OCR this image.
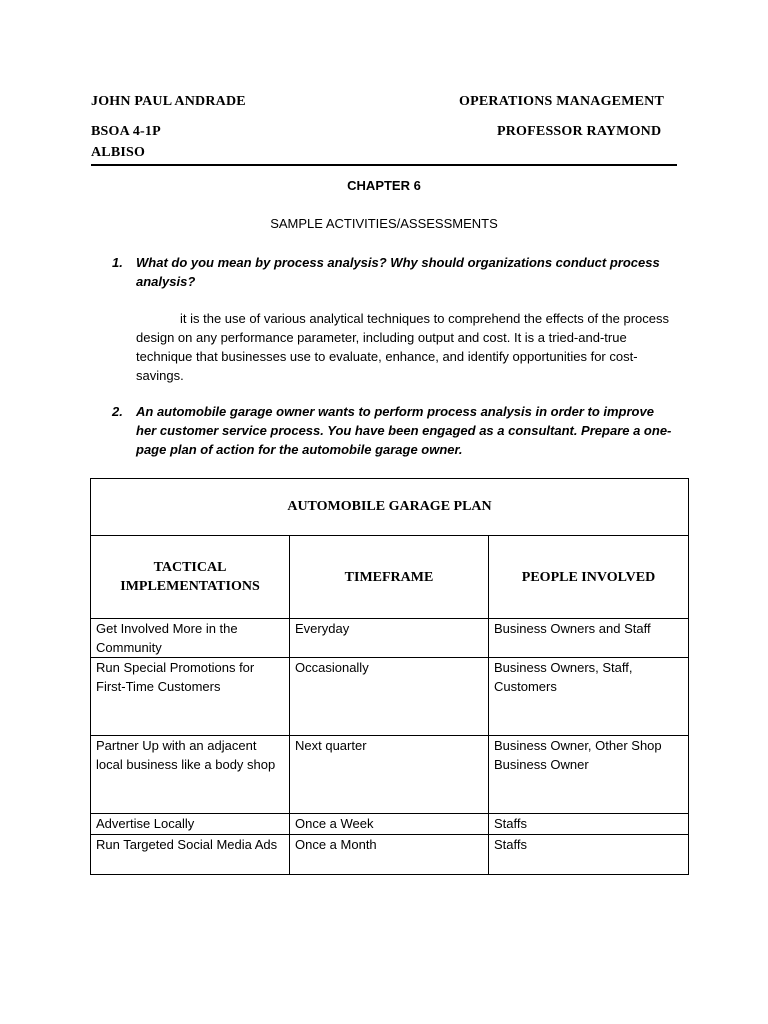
JOHN PAUL ANDRADE	OPERATIONS MANAGEMENT
BSOA 4-1P	PROFESSOR RAYMOND
ALBISO
CHAPTER 6
SAMPLE ACTIVITIES/ASSESSMENTS
1. What do you mean by process analysis? Why should organizations conduct process analysis?
it is the use of various analytical techniques to comprehend the effects of the process design on any performance parameter, including output and cost. It is a tried-and-true technique that businesses use to evaluate, enhance, and identify opportunities for cost-savings.
2. An automobile garage owner wants to perform process analysis in order to improve her customer service process. You have been engaged as a consultant. Prepare a one-page plan of action for the automobile garage owner.
AUTOMOBILE GARAGE PLAN		
TACTICAL IMPLEMENTATIONS	TIMEFRAME	PEOPLE INVOLVED
Get Involved More in the Community	Everyday	Business Owners and Staff
Run Special Promotions for First-Time Customers	Occasionally	Business Owners, Staff, Customers
Partner Up with an adjacent local business like a body shop	Next quarter	Business Owner, Other Shop Business Owner
Advertise Locally	Once a Week	Staffs
Run Targeted Social Media Ads	Once a Month	Staffs
